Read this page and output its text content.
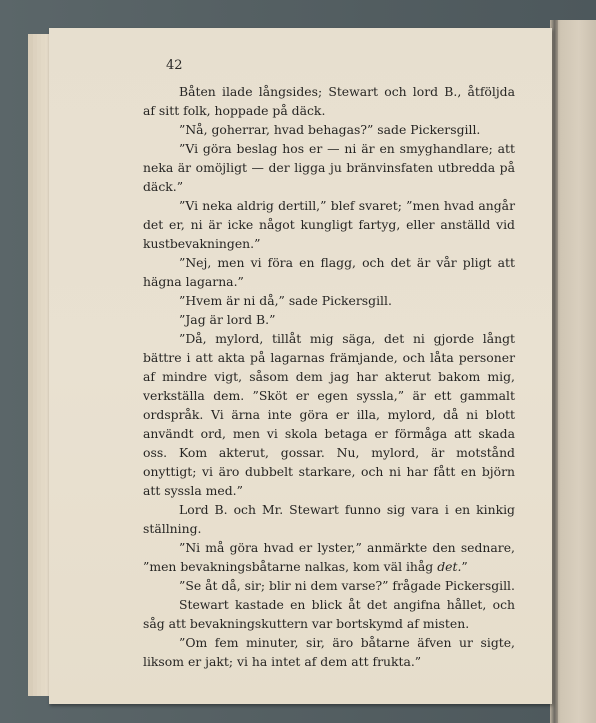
42

Båten ilade långsides; Stewart och lord B., åtföljda af sitt folk, hoppade på däck.

”Nå, goherrar, hvad behagas?” sade Pickersgill.

”Vi göra beslag hos er — ni är en smyghandlare; att neka är omöjligt — der ligga ju bränvinsfaten utbredda på däck.”

”Vi neka aldrig dertill,” blef svaret; ”men hvad angår det er, ni är icke något kungligt fartyg, eller anställd vid kustbevakningen.”

”Nej, men vi föra en flagg, och det är vår pligt att hägna lagarna.”

”Hvem är ni då,” sade Pickersgill.

”Jag är lord B.”

”Då, mylord, tillåt mig säga, det ni gjorde långt bättre i att akta på lagarnas främjande, och låta personer af mindre vigt, såsom dem jag har akterut bakom mig, verkställa dem. ”Sköt er egen syssla,” är ett gammalt ordspråk. Vi ärna inte göra er illa, mylord, då ni blott användt ord, men vi skola betaga er förmåga att skada oss. Kom akterut, gossar. Nu, mylord, är motstånd onyttigt; vi äro dubbelt starkare, och ni har fått en björn att syssla med.”

Lord B. och Mr. Stewart funno sig vara i en kinkig ställning.

”Ni må göra hvad er lyster,” anmärkte den sednare, ”men bevakningsbåtarne nalkas, kom väl ihåg det.”

”Se åt då, sir; blir ni dem varse?” frågade Pickersgill.

Stewart kastade en blick åt det angifna hållet, och såg att bevakningskuttern var bortskymd af misten.

”Om fem minuter, sir, äro båtarne äfven ur sigte, liksom er jakt; vi ha intet af dem att frukta.”
